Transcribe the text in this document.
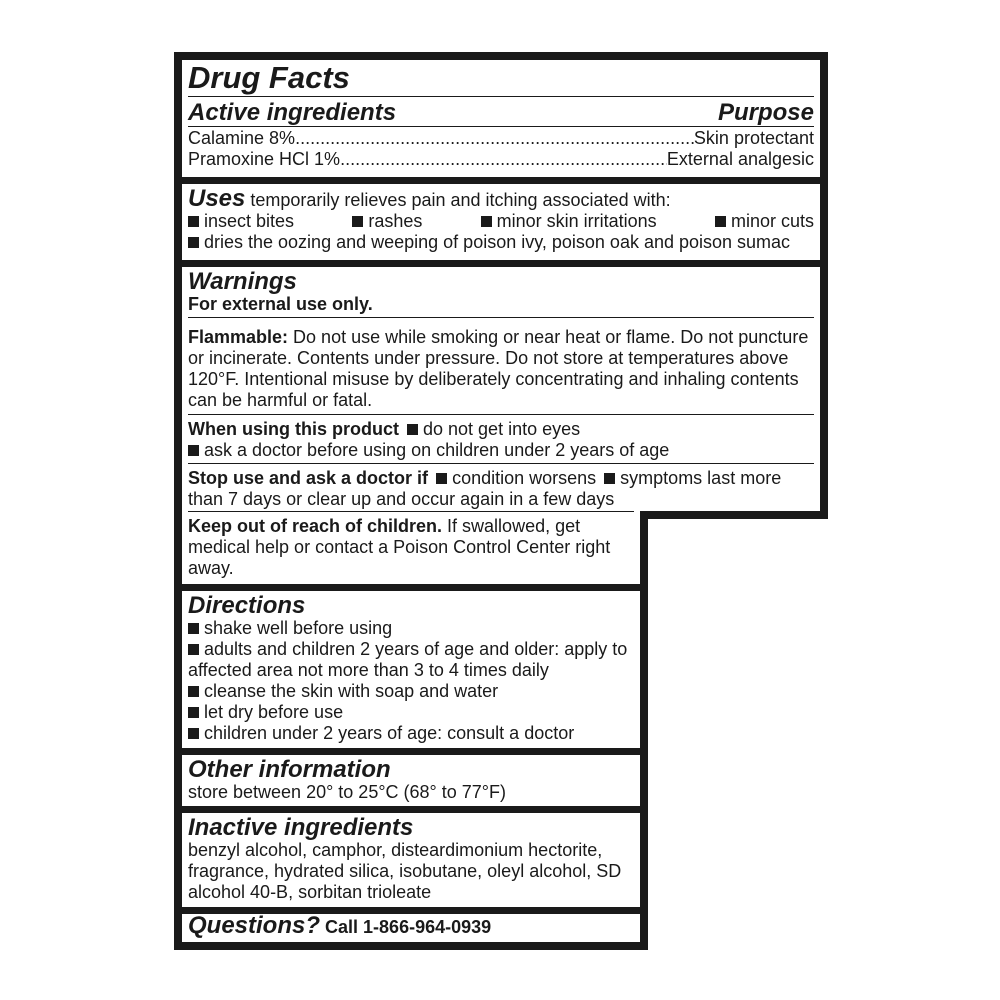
Drug Facts
Active ingredients	Purpose
Calamine 8% .....	Skin protectant
Pramoxine HCl 1% .....	External analgesic
Uses temporarily relieves pain and itching associated with:
insect bites	rashes	minor skin irritations	minor cuts
dries the oozing and weeping of poison ivy, poison oak and poison sumac
Warnings
For external use only.
Flammable: Do not use while smoking or near heat or flame. Do not puncture or incinerate. Contents under pressure. Do not store at temperatures above 120°F. Intentional misuse by deliberately concentrating and inhaling contents can be harmful or fatal.
When using this product do not get into eyes
ask a doctor before using on children under 2 years of age
Stop use and ask a doctor if condition worsens symptoms last more than 7 days or clear up and occur again in a few days
Keep out of reach of children. If swallowed, get medical help or contact a Poison Control Center right away.
Directions
shake well before using
adults and children 2 years of age and older: apply to affected area not more than 3 to 4 times daily
cleanse the skin with soap and water
let dry before use
children under 2 years of age: consult a doctor
Other information
store between 20° to 25°C (68° to 77°F)
Inactive ingredients
benzyl alcohol, camphor, disteardimonium hectorite, fragrance, hydrated silica, isobutane, oleyl alcohol, SD alcohol 40-B, sorbitan trioleate
Questions? Call 1-866-964-0939
